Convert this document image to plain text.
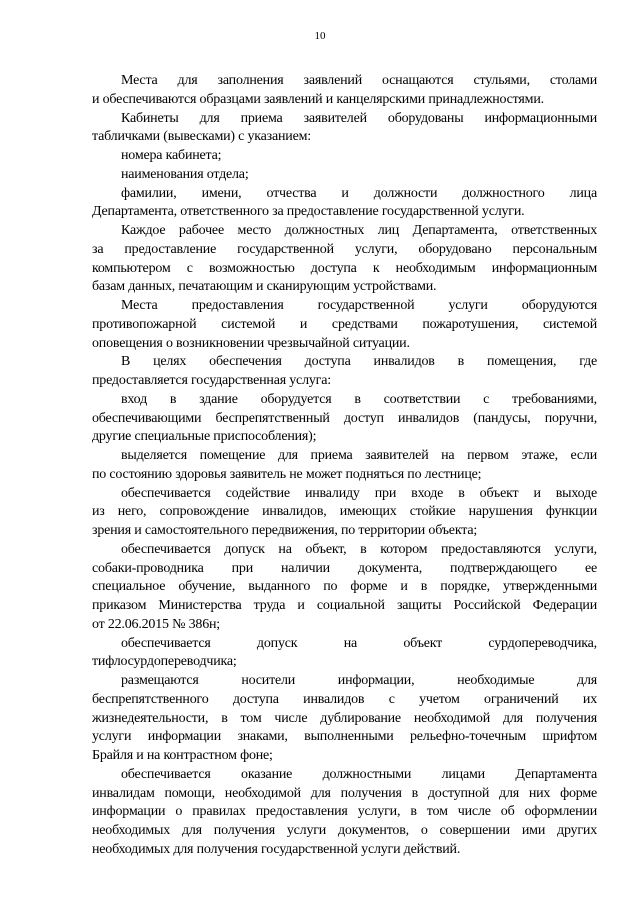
10
Места для заполнения заявлений оснащаются стульями, столами
и обеспечиваются образцами заявлений и канцелярскими принадлежностями.
Кабинеты для приема заявителей оборудованы информационными
табличками (вывесками) с указанием:
номера кабинета;
наименования отдела;
фамилии, имени, отчества и должности должностного лица
Департамента, ответственного за предоставление государственной услуги.
Каждое рабочее место должностных лиц Департамента, ответственных
за предоставление государственной услуги, оборудовано персональным
компьютером с возможностью доступа к необходимым информационным
базам данных, печатающим и сканирующим устройствами.
Места предоставления государственной услуги оборудуются
противопожарной системой и средствами пожаротушения, системой
оповещения о возникновении чрезвычайной ситуации.
В целях обеспечения доступа инвалидов в помещения, где
предоставляется государственная услуга:
вход в здание оборудуется в соответствии с требованиями,
обеспечивающими беспрепятственный доступ инвалидов (пандусы, поручни,
другие специальные приспособления);
выделяется помещение для приема заявителей на первом этаже, если
по состоянию здоровья заявитель не может подняться по лестнице;
обеспечивается содействие инвалиду при входе в объект и выходе
из него, сопровождение инвалидов, имеющих стойкие нарушения функции
зрения и самостоятельного передвижения, по территории объекта;
обеспечивается допуск на объект, в котором предоставляются услуги,
собаки‑проводника при наличии документа, подтверждающего ее
специальное обучение, выданного по форме и в порядке, утвержденными
приказом Министерства труда и социальной защиты Российской Федерации
от 22.06.2015 № 386н;
обеспечивается допуск на объект сурдопереводчика,
тифлосурдопереводчика;
размещаются носители информации, необходимые для
беспрепятственного доступа инвалидов с учетом ограничений их
жизнедеятельности, в том числе дублирование необходимой для получения
услуги информации знаками, выполненными рельефно-точечным шрифтом
Брайля и на контрастном фоне;
обеспечивается оказание должностными лицами Департамента
инвалидам помощи, необходимой для получения в доступной для них форме
информации о правилах предоставления услуги, в том числе об оформлении
необходимых для получения услуги документов, о совершении ими других
необходимых для получения государственной услуги действий.
